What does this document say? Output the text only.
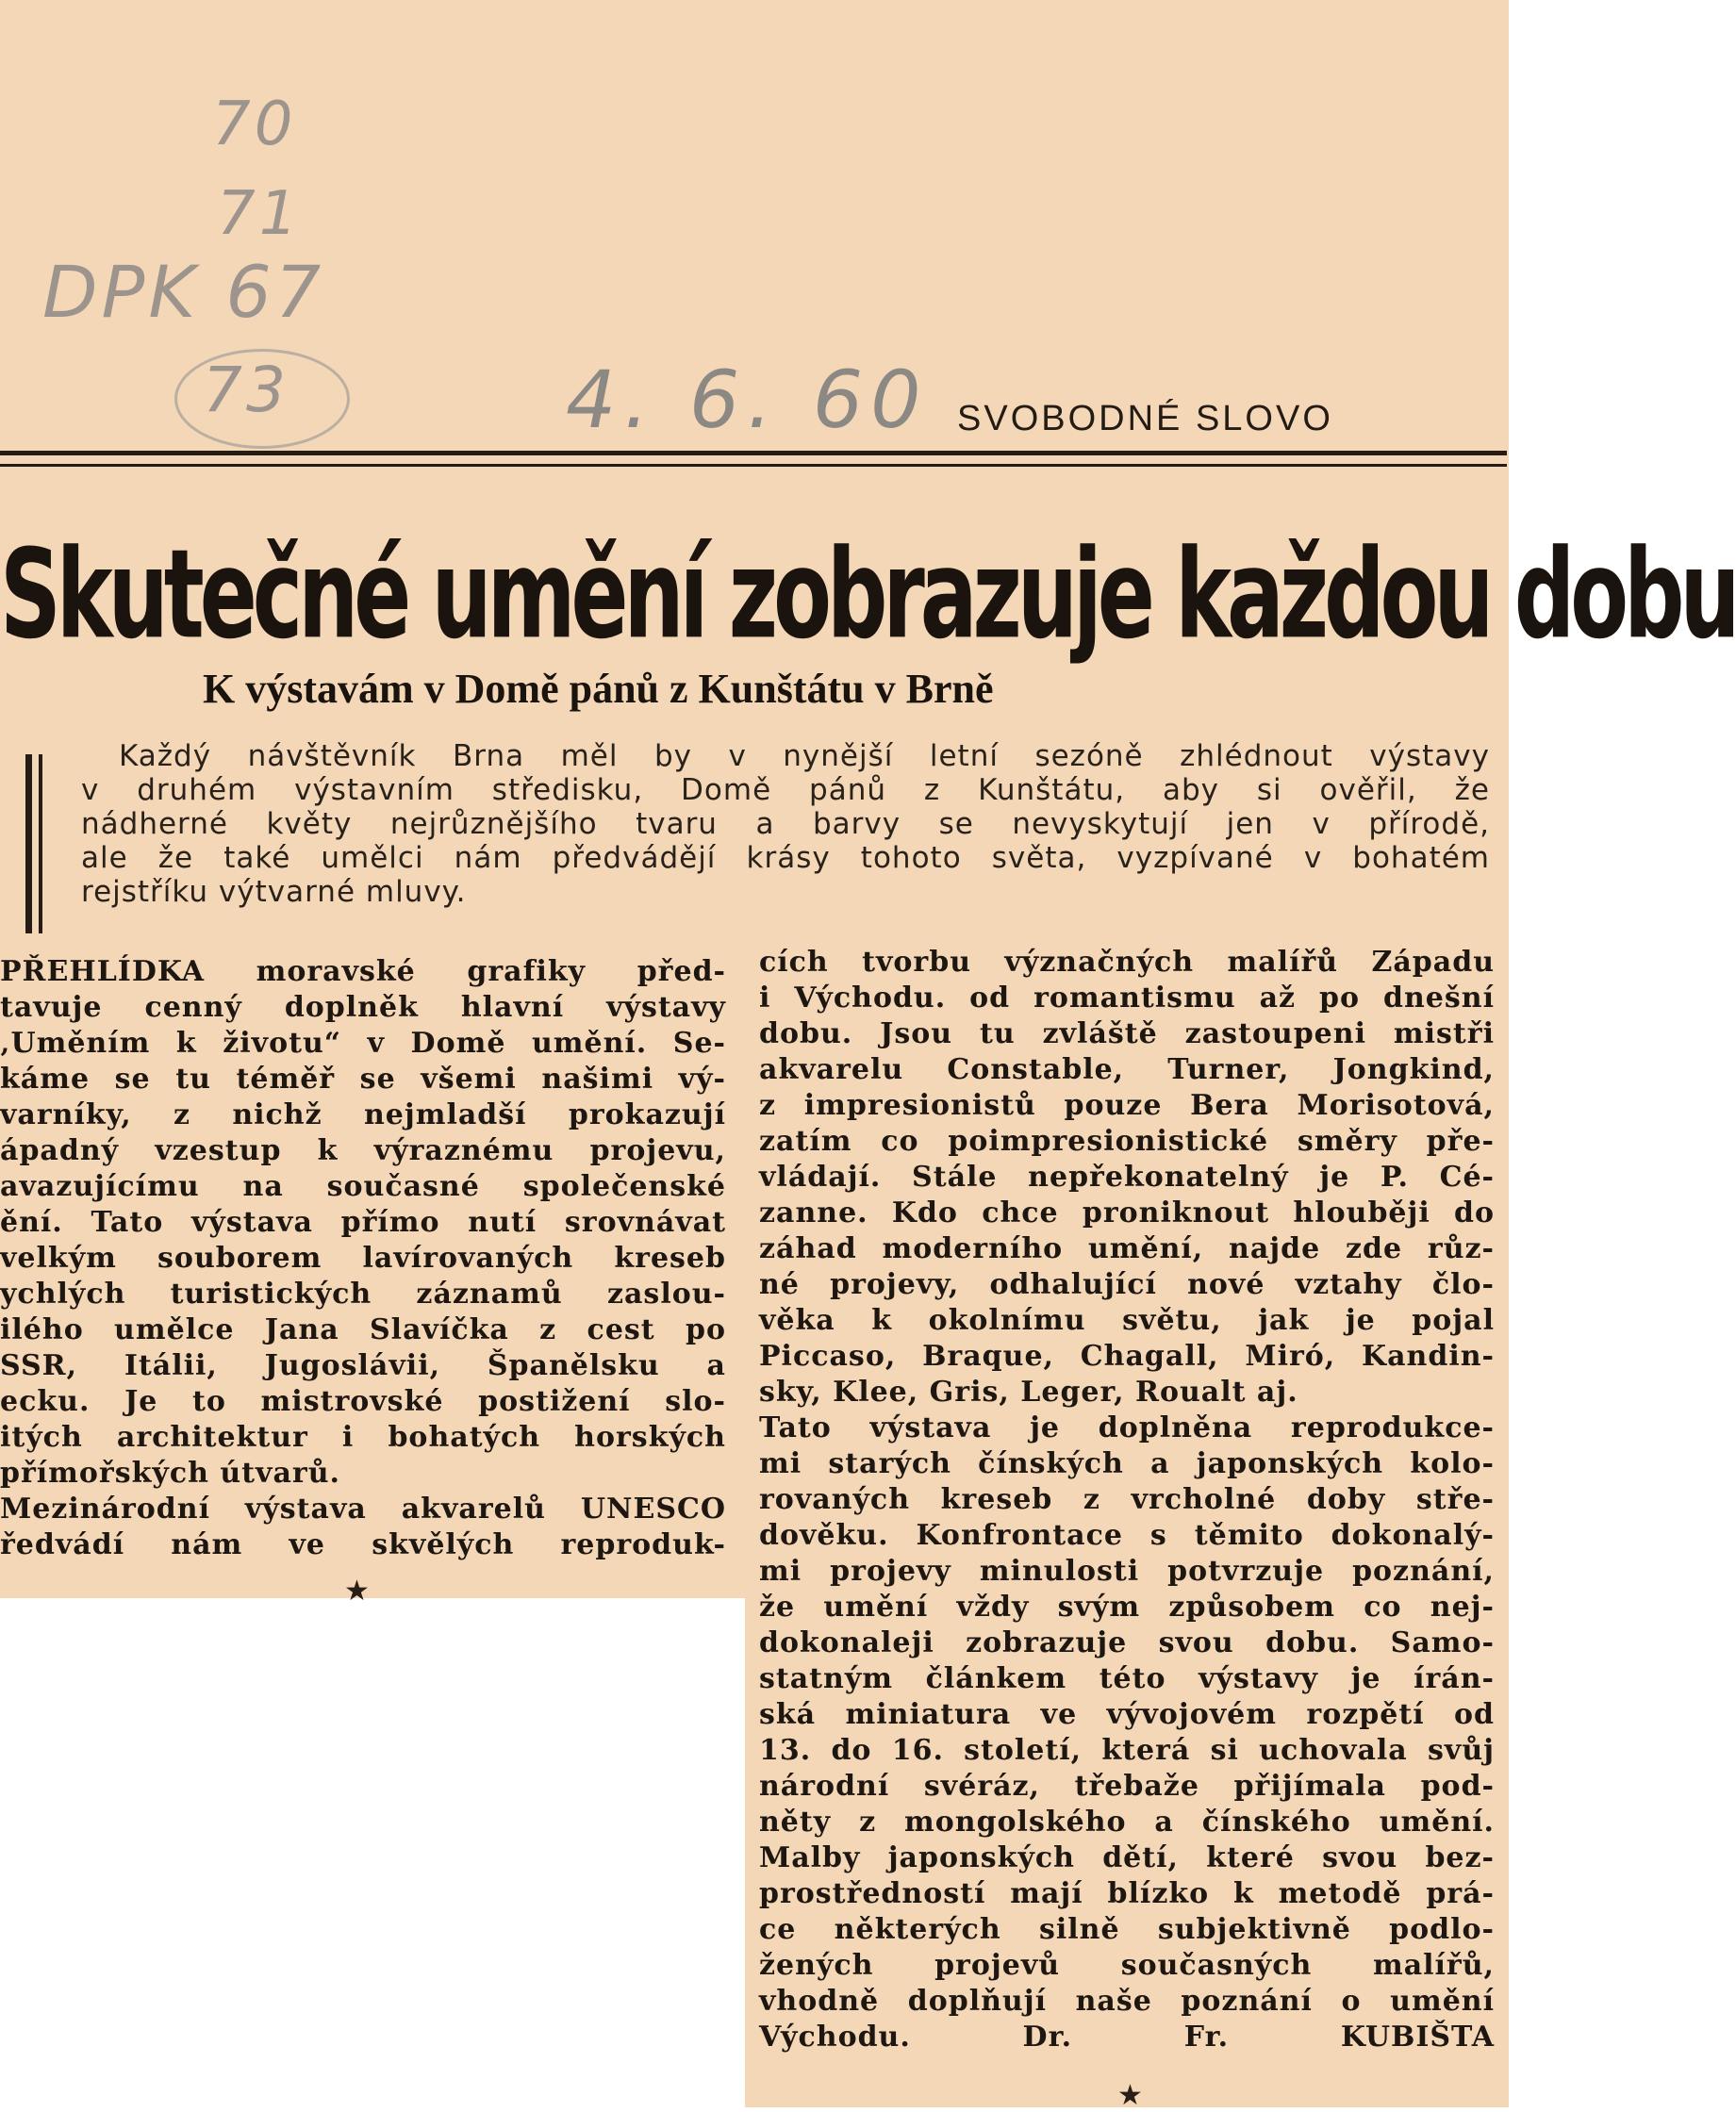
70
71
DPK 67
73	4. 6. 60 SVOBODNÉ SLOVO
Skutečné umění zobrazuje každou dobu
K výstavám v Domě pánů z Kunštátu v Brně

Každý návštěvník Brna měl by v nynější letní sezóně zhlédnout výstavy

v druhém výstavním středisku, Domě pánů z Kunštátu, aby si ověřil, že

nádherné květy nejrůznějšího tvaru a barvy se nevyskytují jen v přírodě,

ale že také umělci nám předvádějí krásy tohoto světa, vyzpívané v bohatém

rejstříku výtvarné mluvy.

PŘEHLÍDKA moravské grafiky před-

tavuje cenný doplněk hlavní výstavy

‚Uměním k životu“ v Domě umění. Se-

káme se tu téměř se všemi našimi vý-

varníky, z nichž nejmladší prokazují

ápadný vzestup k výraznému projevu,

avazujícímu na současné společenské

ění. Tato výstava přímo nutí srovnávat

velkým souborem lavírovaných kreseb

ychlých turistických záznamů zaslou-

ilého umělce Jana Slavíčka z cest po

SSR, Itálii, Jugoslávii, Španělsku a

ecku. Je to mistrovské postižení slo-

itých architektur i bohatých horských

přímořských útvarů.

Mezinárodní výstava akvarelů UNESCO

ředvádí nám ve skvělých reproduk-

★

cích tvorbu význačných malířů Západu

i Východu. od romantismu až po dnešní

dobu. Jsou tu zvláště zastoupeni mistři

akvarelu Constable, Turner, Jongkind,

z impresionistů pouze Bera Morisotová,

zatím co poimpresionistické směry pře-

vládají. Stále nepřekonatelný je P. Cé-

zanne. Kdo chce proniknout hlouběji do

záhad moderního umění, najde zde růz-

né projevy, odhalující nové vztahy člo-

věka k okolnímu světu, jak je pojal

Piccaso, Braque, Chagall, Miró, Kandin-

sky, Klee, Gris, Leger, Roualt aj.

Tato výstava je doplněna reprodukce-

mi starých čínských a japonských kolo-

rovaných kreseb z vrcholné doby stře-

dověku. Konfrontace s těmito dokonalý-

mi projevy minulosti potvrzuje poznání,

že umění vždy svým způsobem co nej-

dokonaleji zobrazuje svou dobu. Samo-

statným článkem této výstavy je írán-

ská miniatura ve vývojovém rozpětí od

13. do 16. století, která si uchovala svůj

národní svéráz, třebaže přijímala pod-

něty z mongolského a čínského umění.

Malby japonských dětí, které svou bez-

prostředností mají blízko k metodě prá-

ce některých silně subjektivně podlo-

žených projevů současných malířů,

vhodně doplňují naše poznání o umění

Východu. Dr. Fr. KUBIŠTA

★
